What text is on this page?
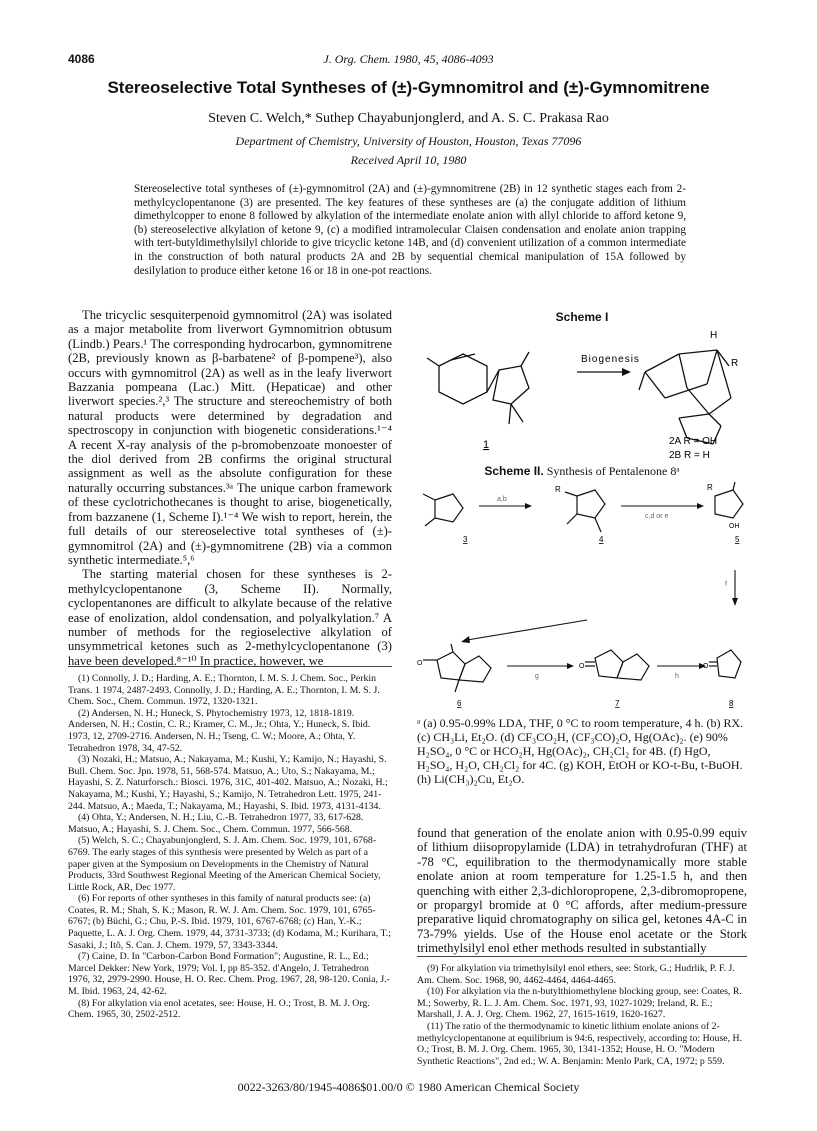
4086	J. Org. Chem. 1980, 45, 4086-4093
Stereoselective Total Syntheses of (±)-Gymnomitrol and (±)-Gymnomitrene
Steven C. Welch,* Suthep Chayabunjonglerd, and A. S. C. Prakasa Rao
Department of Chemistry, University of Houston, Houston, Texas 77096
Received April 10, 1980
Stereoselective total syntheses of (±)-gymnomitrol (2A) and (±)-gymnomitrene (2B) in 12 synthetic stages each from 2-methylcyclopentanone (3) are presented. The key features of these syntheses are (a) the conjugate addition of lithium dimethylcopper to enone 8 followed by alkylation of the intermediate enolate anion with allyl chloride to afford ketone 9, (b) stereoselective alkylation of ketone 9, (c) a modified intramolecular Claisen condensation and enolate anion trapping with tert-butyldimethylsilyl chloride to give tricyclic ketone 14B, and (d) convenient utilization of a common intermediate in the construction of both natural products 2A and 2B by sequential chemical manipulation of 15A followed by desilylation to produce either ketone 16 or 18 in one-pot reactions.

The tricyclic sesquiterpenoid gymnomitrol (2A) was isolated as a major metabolite from liverwort Gymnomitrion obtusum (Lindb.) Pears.¹ The corresponding hydrocarbon, gymnomitrene (2B, previously known as β-barbatene² of β-pompene³), also occurs with gymnomitrol (2A) as well as in the leafy liverwort Bazzania pompeana (Lac.) Mitt. (Hepaticae) and other liverwort species.²,³ The structure and stereochemistry of both natural products were determined by degradation and spectroscopy in conjunction with biogenetic considerations.¹⁻⁴ A recent X-ray analysis of the p-bromobenzoate monoester of the diol derived from 2B confirms the original structural assignment as well as the absolute configuration for these naturally occurring substances.³ᵃ The unique carbon framework of these cyclotrichothecanes is thought to arise, biogenetically, from bazzanene (1, Scheme I).¹⁻⁴ We wish to report, herein, the full details of our stereoselective total syntheses of (±)-gymnomitrol (2A) and (±)-gymnomitrene (2B) via a common synthetic intermediate.⁵,⁶

The starting material chosen for these syntheses is 2-methylcyclopentanone (3, Scheme II). Normally, cyclopentanones are difficult to alkylate because of the relative ease of enolization, aldol condensation, and polyalkylation.⁷ A number of methods for the regioselective alkylation of unsymmetrical ketones such as 2-methylcyclopentanone (3) have been developed.⁸⁻¹⁰ In practice, however, we

(1) Connolly, J. D.; Harding, A. E.; Thornton, I. M. S. J. Chem. Soc., Perkin Trans. 1 1974, 2487-2493. Connolly, J. D.; Harding, A. E.; Thornton, I. M. S. J. Chem. Soc., Chem. Commun. 1972, 1320-1321.
(2) Andersen, N. H.; Huneck, S. Phytochemistry 1973, 12, 1818-1819. Andersen, N. H.; Costin, C. R.; Kramer, C. M., Jr.; Ohta, Y.; Huneck, S. Ibid. 1973, 12, 2709-2716. Andersen, N. H.; Tseng, C. W.; Moore, A.; Ohta, Y. Tetrahedron 1978, 34, 47-52.
(3) Nozaki, H.; Matsuo, A.; Nakayama, M.; Kushi, Y.; Kamijo, N.; Hayashi, S. Bull. Chem. Soc. Jpn. 1978, 51, 568-574. Matsuo, A.; Uto, S.; Nakayama, M.; Hayashi, S. Z. Naturforsch.: Biosci. 1976, 31C, 401-402. Matsuo, A.; Nozaki, H.; Nakayama, M.; Kushi, Y.; Hayashi, S.; Kamijo, N. Tetrahedron Lett. 1975, 241-244. Matsuo, A.; Maeda, T.; Nakayama, M.; Hayashi, S. Ibid. 1973, 4131-4134.
(4) Ohta, Y.; Andersen, N. H.; Liu, C.-B. Tetrahedron 1977, 33, 617-628. Matsuo, A.; Hayashi, S. J. Chem. Soc., Chem. Commun. 1977, 566-568.
(5) Welch, S. C.; Chayabunjonglerd, S. J. Am. Chem. Soc. 1979, 101, 6768-6769. The early stages of this synthesis were presented by Welch as part of a paper given at the Symposium on Developments in the Chemistry of Natural Products, 33rd Southwest Regional Meeting of the American Chemical Society, Little Rock, AR, Dec 1977.
(6) For reports of other syntheses in this family of natural products see: (a) Coates, R. M.; Shah, S. K.; Mason, R. W. J. Am. Chem. Soc. 1979, 101, 6765-6767; (b) Büchi, G.; Chu, P.-S. Ibid. 1979, 101, 6767-6768; (c) Han, Y.-K.; Paquette, L. A. J. Org. Chem. 1979, 44, 3731-3733; (d) Kodama, M.; Kurihara, T.; Sasaki, J.; Itô, S. Can. J. Chem. 1979, 57, 3343-3344.
(7) Caine, D. In "Carbon-Carbon Bond Formation"; Augustine, R. L., Ed.; Marcel Dekker: New York, 1979; Vol. I, pp 85-352. d'Angelo, J. Tetrahedron 1976, 32, 2979-2990. House, H. O. Rec. Chem. Prog. 1967, 28, 98-120. Conia, J.-M. Ibid. 1963, 24, 42-62.
(8) For alkylation via enol acetates, see: House, H. O.; Trost, B. M. J. Org. Chem. 1965, 30, 2502-2512.
Scheme I
Biogenesis
H
R
1	2A R = OH
2B R = H
Scheme II. Synthesis of Pentalenone 8ᵃ
a,b
R
c,d or e
R
OH
3	4	5
f
O
g
O
h
O
6	7	8
ᵃ (a) 0.95-0.99% LDA, THF, 0 °C to room temperature, 4 h. (b) RX. (c) CH₃Li, Et₂O. (d) CF₃CO₂H, (CF₃CO)₂O, Hg(OAc)₂. (e) 90% H₂SO₄, 0 °C or HCO₂H, Hg(OAc)₂, CH₂Cl₂ for 4B. (f) HgO, H₂SO₄, H₂O, CH₂Cl₂ for 4C. (g) KOH, EtOH or KO-t-Bu, t-BuOH. (h) Li(CH₃)₂Cu, Et₂O.
found that generation of the enolate anion with 0.95-0.99 equiv of lithium diisopropylamide (LDA) in tetrahydrofuran (THF) at -78 °C, equilibration to the thermodynamically more stable enolate anion at room temperature for 1.25-1.5 h, and then quenching with either 2,3-dichloropropene, 2,3-dibromopropene, or propargyl bromide at 0 °C affords, after medium-pressure preparative liquid chromatography on silica gel, ketones 4A-C in 73-79% yields. Use of the House enol acetate or the Stork trimethylsilyl enol ether methods resulted in substantially
(9) For alkylation via trimethylsilyl enol ethers, see: Stork, G.; Hudrlik, P. F. J. Am. Chem. Soc. 1968, 90, 4462-4464, 4464-4465.
(10) For alkylation via the n-butylthiomethylene blocking group, see: Coates, R. M.; Sowerby, R. L. J. Am. Chem. Soc. 1971, 93, 1027-1029; Ireland, R. E.; Marshall, J. A. J. Org. Chem. 1962, 27, 1615-1619, 1620-1627.
(11) The ratio of the thermodynamic to kinetic lithium enolate anions of 2-methylcyclopentanone at equilibrium is 94:6, respectively, according to: House, H. O.; Trost, B. M. J. Org. Chem. 1965, 30, 1341-1352; House, H. O. "Modern Synthetic Reactions", 2nd ed.; W. A. Benjamin: Menlo Park, CA, 1972; p 559.
0022-3263/80/1945-4086$01.00/0 © 1980 American Chemical Society
